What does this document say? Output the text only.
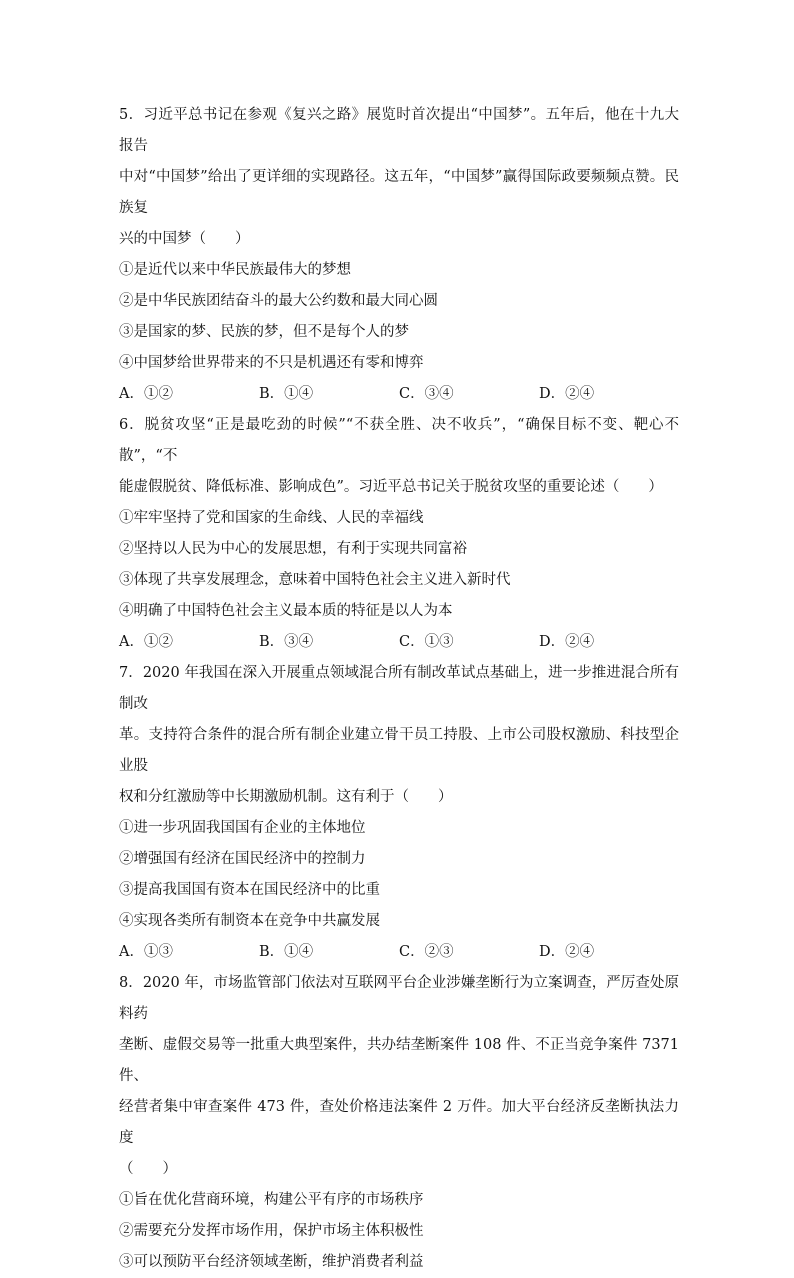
5．习近平总书记在参观《复兴之路》展览时首次提出“中国梦”。五年后，他在十九大报告
中对“中国梦”给出了更详细的实现路径。这五年，“中国梦”赢得国际政要频频点赞。民族复
兴的中国梦（　　）

①是近代以来中华民族最伟大的梦想

②是中华民族团结奋斗的最大公约数和最大同心圆

③是国家的梦、民族的梦，但不是每个人的梦

④中国梦给世界带来的不只是机遇还有零和博弈

A．①②	B．①④	C．③④	D．②④

6．脱贫攻坚“正是最吃劲的时候”“不获全胜、决不收兵”，“确保目标不变、靶心不散”，“不
能虚假脱贫、降低标准、影响成色”。习近平总书记关于脱贫攻坚的重要论述（　　）

①牢牢坚持了党和国家的生命线、人民的幸福线

②坚持以人民为中心的发展思想，有利于实现共同富裕

③体现了共享发展理念，意味着中国特色社会主义进入新时代

④明确了中国特色社会主义最本质的特征是以人为本

A．①②	B．③④	C．①③	D．②④

7．2020 年我国在深入开展重点领域混合所有制改革试点基础上，进一步推进混合所有制改
革。支持符合条件的混合所有制企业建立骨干员工持股、上市公司股权激励、科技型企业股
权和分红激励等中长期激励机制。这有利于（　　）

①进一步巩固我国国有企业的主体地位

②增强国有经济在国民经济中的控制力

③提高我国国有资本在国民经济中的比重

④实现各类所有制资本在竞争中共赢发展

A．①③	B．①④	C．②③	D．②④

8．2020 年，市场监管部门依法对互联网平台企业涉嫌垄断行为立案调查，严厉查处原料药
垄断、虚假交易等一批重大典型案件，共办结垄断案件 108 件、不正当竞争案件 7371 件、
经营者集中审查案件 473 件，查处价格违法案件 2 万件。加大平台经济反垄断执法力度
（　　）

①旨在优化营商环境，构建公平有序的市场秩序

②需要充分发挥市场作用，保护市场主体积极性

③可以预防平台经济领域垄断，维护消费者利益
